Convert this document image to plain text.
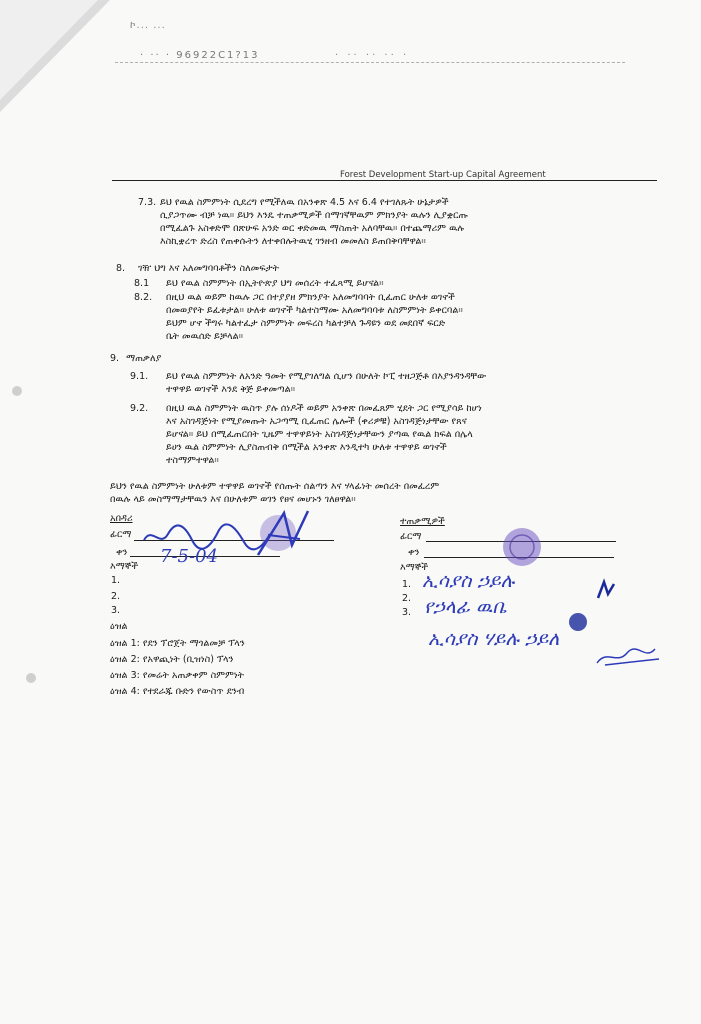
ኮ... ...
· ·· · 96922C1?13	· ·· ·· ·· ·
Forest Development Start-up Capital Agreement
7.3. ይህ የዉል ስምምነት ሲደረግ የሚችለዉ በአንቀጽ 4.5 እና 6.4 የተገለጹት ሁኔታዎች
ሲያጋጥሙ ብቻ ነዉ። ይህን እንዴ ተጠቃሚዎች በማገኛቸዉም ምክንያት ዉሉን ሊያቋርጡ
በሚፈልጉ አስቀድሞ በጽሁፍ አንድ ወር ቀድመዉ ማስጠት አለባቸዉ። በተጨማሪም ዉሉ
እስኪቋረጥ ድረስ የጠቀሱትን ለተቀበሉትዉሂ ገንዘብ መመለስ ይጠበቅባቸዋል።
8. ገዥ ህግ እና አለመግባባቶችን ስለመፍታት
8.1 ይህ የዉል ስምምነት በኢትዮጵያ ህግ መሰረት ተፈጻሚ ይሆናል።
8.2. በዚህ ዉል ወይም ከዉሉ ጋር በተያያዘ ምክንያት አለመግባባት ቢፈጠር ሁለቱ ወገኖች
በመወያየት ይፈቱታል። ሁለቱ ወገኖች ካልተስማሙ አለመግባባቱ ለስምምነት ይቀርባል።
ይህም ሆኖ ችግሩ ካልተፈታ ስምምነት መፍረስ ካልተቻለ ጉዳዩን ወደ መደበኛ ፍርድ
ቤት መዉሰድ ይቻላል።
9. ማጠቃለያ
9.1. ይህ የዉል ስምምነት ለአንድ ዓመት የሚያገለግል ሲሆን በሁለት ኮፒ ተዘጋጅቶ በእያንዳንዳቸው
ተዋዋይ ወገኖች እንደ ቅጅ ይቀመጣል።
9.2. በዚህ ዉል ስምምነት ዉስጥ ያሉ ሰነዶች ወይም አንቀጽ በመፈጸም ሂደት ጋር የሚያሳይ ከሆነ
እና አስገዳጅነት የሚያመጡት አጋጣሚ ቢፈጠር ሌሎች (ቀሪዎቹ) አስገዳጅነታቸው የጸና
ይሆናል። ይህ በሚፈጠርበት ጊዜም ተዋዋይነት አስገዳጅነታቸውን ያጣዉ የዉል ክፍል በሌላ
ይሀን ዉል ስምምነት ሊያስጠብቅ በሚችል አንቀጽ እንዲተካ ሁለቱ ተዋዋይ ወገኖች
ተስማምተዋል።
ይህን የዉል ስምምነት ሁለቱም ተዋዋይ ወገኖች የሰጡት ሰልጣን እና ሃላፊነት መሰረት በመፈረም
በዉሉ ላይ መስማማታቸዉን እና በሁለቱም ወገን የፀና መሆኑን ገለፀዋል።
አበዳሪ
ፊርማ
ቀን
እማኞች
1.
2.
3.
7-5-04
ተጠቃሚዎች
ፊርማ
ቀን
እማኞች
1.
2.
3.
ኢሳያስ ኃይሉ
የኃላፊ ዉቤ
ኢሳያስ ሃይሉ ኃይለ
ዕዝል
ዕዝል 1: የደን ፕሮጀት ማጎልመቻ ፕላን
ዕዝል 2: የአዋጪነት (ቢዝነስ) ፕላን
ዕዝል 3: የመሬት አጠቃቀም ስምምነት
ዕዝል 4: የተደራጁ ቡድን የውስጥ ደንብ
